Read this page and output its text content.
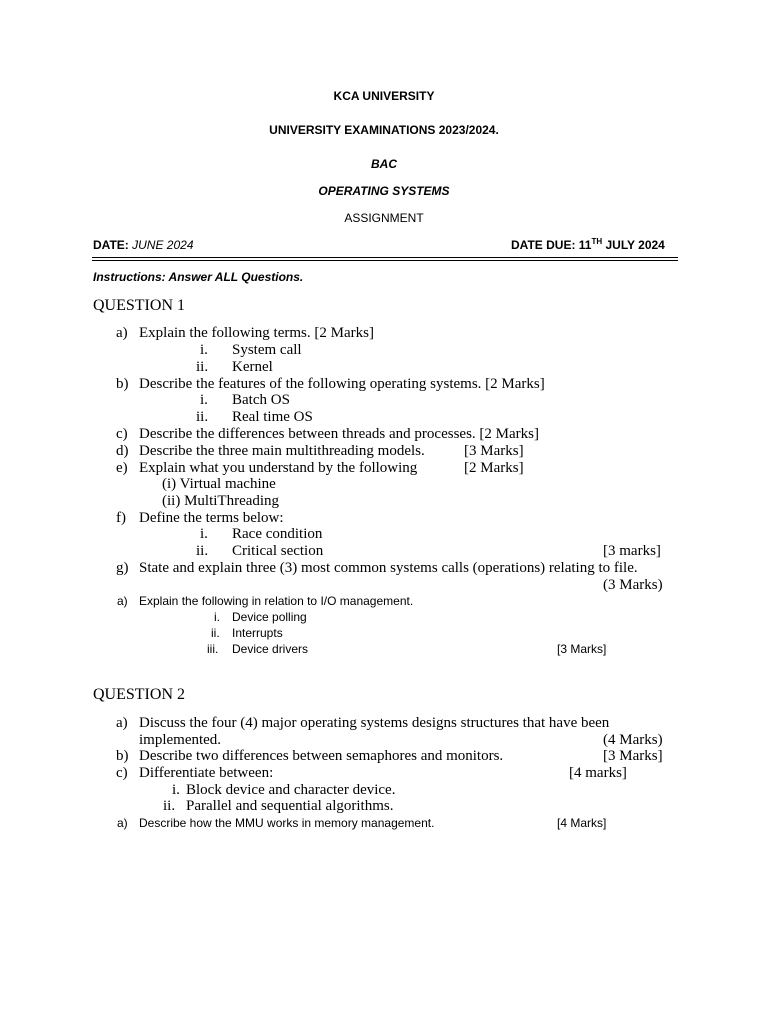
KCA UNIVERSITY
UNIVERSITY EXAMINATIONS 2023/2024.
BAC
OPERATING SYSTEMS
ASSIGNMENT
DATE: JUNE 2024	DATE DUE: 11TH JULY 2024
Instructions: Answer ALL Questions.
QUESTION 1
a) Explain the following terms. [2 Marks]
i. System call
ii. Kernel
b) Describe the features of the following operating systems. [2 Marks]
i. Batch OS
ii. Real time OS
c) Describe the differences between threads and processes. [2 Marks]
d) Describe the three main multithreading models.	[3 Marks]
e) Explain what you understand by the following	[2 Marks]
(i) Virtual machine
(ii) MultiThreading
f) Define the terms below:
i. Race condition
ii. Critical section	[3 marks]
g) State and explain three (3) most common systems calls (operations) relating to file.
(3 Marks)
a) Explain the following in relation to I/O management.
i. Device polling
ii. Interrupts
iii. Device drivers	[3 Marks]
QUESTION 2
a) Discuss the four (4) major operating systems designs structures that have been
implemented.	(4 Marks)
b) Describe two differences between semaphores and monitors.	[3 Marks]
c) Differentiate between:	[4 marks]
i. Block device and character device.
ii. Parallel and sequential algorithms.
a) Describe how the MMU works in memory management.	[4 Marks]
